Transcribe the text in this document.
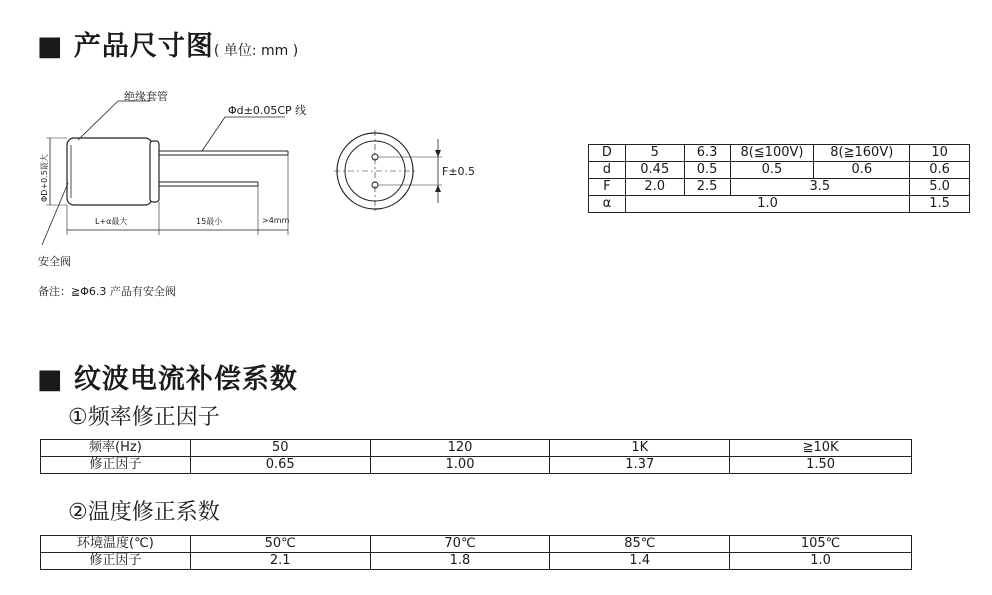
■ 产品尺寸图( 单位: mm )
ΦD+0.5最大
绝缘套管
Φd±0.05CP 线
L+α最大	15最小	>4mm
安全阀
备注：≧Φ6.3 产品有安全阀
F±0.5
D	5	6.3	8(≦100V)	8(≧160V)	10
d	0.45	0.5	0.5	0.6	0.6
F	2.0	2.5	3.5		5.0
α	1.0				1.5
■ 纹波电流补偿系数
①频率修正因子
频率(Hz)	50	120	1K	≧10K
修正因子	0.65	1.00	1.37	1.50
②温度修正系数
环境温度(℃)	50℃	70℃	85℃	105℃
修正因子	2.1	1.8	1.4	1.0
